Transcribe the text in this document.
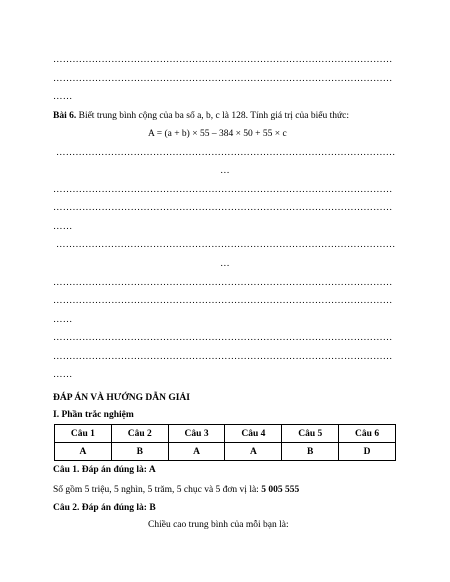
……………………………………………………………………………………………
……………………………………………………………………………………………
……
Bài 6. Biết trung bình cộng của ba số a, b, c là 128. Tính giá trị của biểu thức:
A = (a + b) × 55 – 384 × 50 + 55 × c
……………………………………………………………………………………………
…
……………………………………………………………………………………………
……………………………………………………………………………………………
……
……………………………………………………………………………………………
…
……………………………………………………………………………………………
……………………………………………………………………………………………
……
……………………………………………………………………………………………
……………………………………………………………………………………………
……
ĐÁP ÁN VÀ HƯỚNG DẪN GIẢI
I. Phần trắc nghiệm
Câu 1	Câu 2	Câu 3	Câu 4	Câu 5	Câu 6
A	B	A	A	B	D
Câu 1. Đáp án đúng là: A
Số gồm 5 triệu, 5 nghìn, 5 trăm, 5 chục và 5 đơn vị là: 5 005 555
Câu 2. Đáp án đúng là: B
Chiều cao trung bình của mỗi bạn là:
